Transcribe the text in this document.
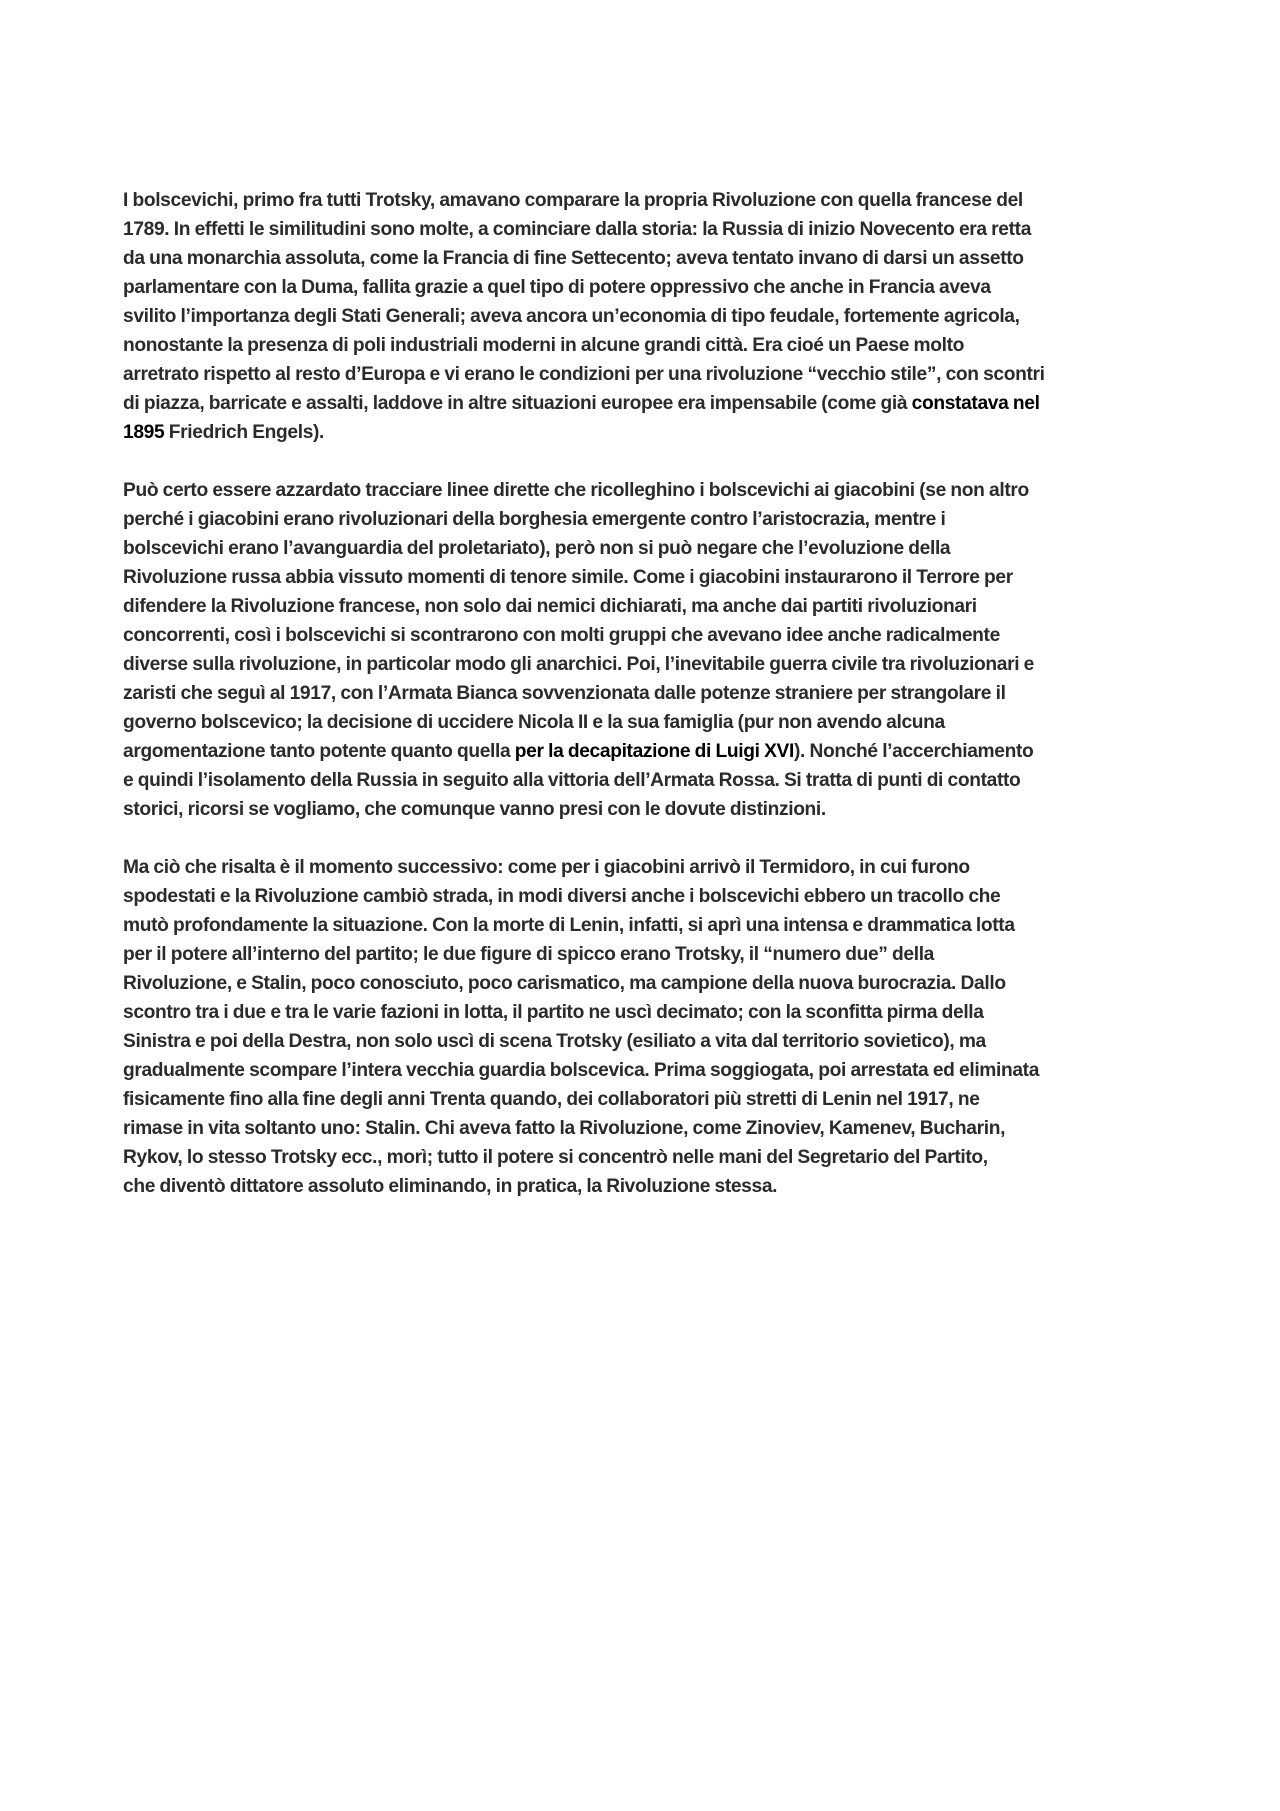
I bolscevichi, primo fra tutti Trotsky, amavano comparare la propria Rivoluzione con quella francese del
1789. In effetti le similitudini sono molte, a cominciare dalla storia: la Russia di inizio Novecento era retta
da una monarchia assoluta, come la Francia di fine Settecento; aveva tentato invano di darsi un assetto
parlamentare con la Duma, fallita grazie a quel tipo di potere oppressivo che anche in Francia aveva
svilito l’importanza degli Stati Generali; aveva ancora un’economia di tipo feudale, fortemente agricola,
nonostante la presenza di poli industriali moderni in alcune grandi città. Era cioé un Paese molto
arretrato rispetto al resto d’Europa e vi erano le condizioni per una rivoluzione “vecchio stile”, con scontri
di piazza, barricate e assalti, laddove in altre situazioni europee era impensabile (come già constatava nel
1895 Friedrich Engels).

Può certo essere azzardato tracciare linee dirette che ricolleghino i bolscevichi ai giacobini (se non altro
perché i giacobini erano rivoluzionari della borghesia emergente contro l’aristocrazia, mentre i
bolscevichi erano l’avanguardia del proletariato), però non si può negare che l’evoluzione della
Rivoluzione russa abbia vissuto momenti di tenore simile. Come i giacobini instaurarono il Terrore per
difendere la Rivoluzione francese, non solo dai nemici dichiarati, ma anche dai partiti rivoluzionari
concorrenti, così i bolscevichi si scontrarono con molti gruppi che avevano idee anche radicalmente
diverse sulla rivoluzione, in particolar modo gli anarchici. Poi, l’inevitabile guerra civile tra rivoluzionari e
zaristi che seguì al 1917, con l’Armata Bianca sovvenzionata dalle potenze straniere per strangolare il
governo bolscevico; la decisione di uccidere Nicola II e la sua famiglia (pur non avendo alcuna
argomentazione tanto potente quanto quella per la decapitazione di Luigi XVI). Nonché l’accerchiamento
e quindi l’isolamento della Russia in seguito alla vittoria dell’Armata Rossa. Si tratta di punti di contatto
storici, ricorsi se vogliamo, che comunque vanno presi con le dovute distinzioni.

Ma ciò che risalta è il momento successivo: come per i giacobini arrivò il Termidoro, in cui furono
spodestati e la Rivoluzione cambiò strada, in modi diversi anche i bolscevichi ebbero un tracollo che
mutò profondamente la situazione. Con la morte di Lenin, infatti, si aprì una intensa e drammatica lotta
per il potere all’interno del partito; le due figure di spicco erano Trotsky, il “numero due” della
Rivoluzione, e Stalin, poco conosciuto, poco carismatico, ma campione della nuova burocrazia. Dallo
scontro tra i due e tra le varie fazioni in lotta, il partito ne uscì decimato; con la sconfitta pirma della
Sinistra e poi della Destra, non solo uscì di scena Trotsky (esiliato a vita dal territorio sovietico), ma
gradualmente scompare l’intera vecchia guardia bolscevica. Prima soggiogata, poi arrestata ed eliminata
fisicamente fino alla fine degli anni Trenta quando, dei collaboratori più stretti di Lenin nel 1917, ne
rimase in vita soltanto uno: Stalin. Chi aveva fatto la Rivoluzione, come Zinoviev, Kamenev, Bucharin,
Rykov, lo stesso Trotsky ecc., morì; tutto il potere si concentrò nelle mani del Segretario del Partito,
che diventò dittatore assoluto eliminando, in pratica, la Rivoluzione stessa.
